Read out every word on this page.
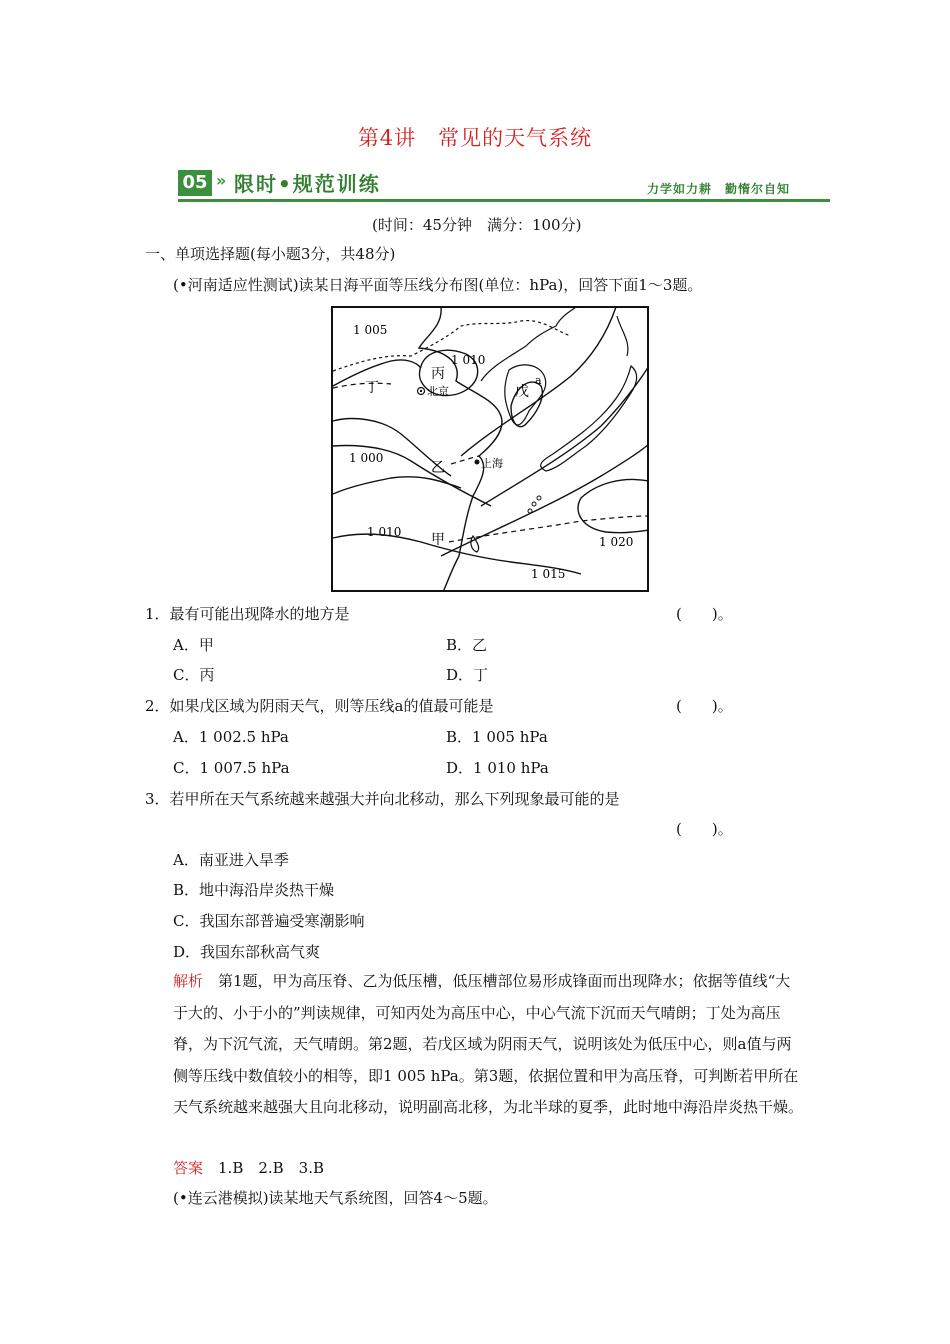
第4讲　常见的天气系统
05 » 限时•规范训练	力学如力耕　勤惰尔自知
(时间：45分钟　满分：100分)
一、单项选择题(每小题3分，共48分)
(•河南适应性测试)读某日海平面等压线分布图(单位：hPa)，回答下面1～3题。
1 005
1 010
1 000
1 010
1 020
1 015
甲
乙
丙
丁	戊
a
北京
上海
1．最有可能出现降水的地方是	(　　)。
A．甲	B．乙
C．丙	D．丁
2．如果戊区域为阴雨天气，则等压线a的值最可能是	(　　)。
A．1 002.5 hPa	B．1 005 hPa
C．1 007.5 hPa	D．1 010 hPa
3．若甲所在天气系统越来越强大并向北移动，那么下列现象最可能的是
(　　)。
A．南亚进入旱季
B．地中海沿岸炎热干燥
C．我国东部普遍受寒潮影响
D．我国东部秋高气爽
解析　第1题，甲为高压脊、乙为低压槽，低压槽部位易形成锋面而出现降水；依据等值线“大于大的、小于小的”判读规律，可知丙处为高压中心，中心气流下沉而天气晴朗；丁处为高压脊，为下沉气流，天气晴朗。第2题，若戊区域为阴雨天气，说明该处为低压中心，则a值与两侧等压线中数值较小的相等，即1 005 hPa。第3题，依据位置和甲为高压脊，可判断若甲所在天气系统越来越强大且向北移动，说明副高北移，为北半球的夏季，此时地中海沿岸炎热干燥。
答案　1.B　2.B　3.B
(•连云港模拟)读某地天气系统图，回答4～5题。
